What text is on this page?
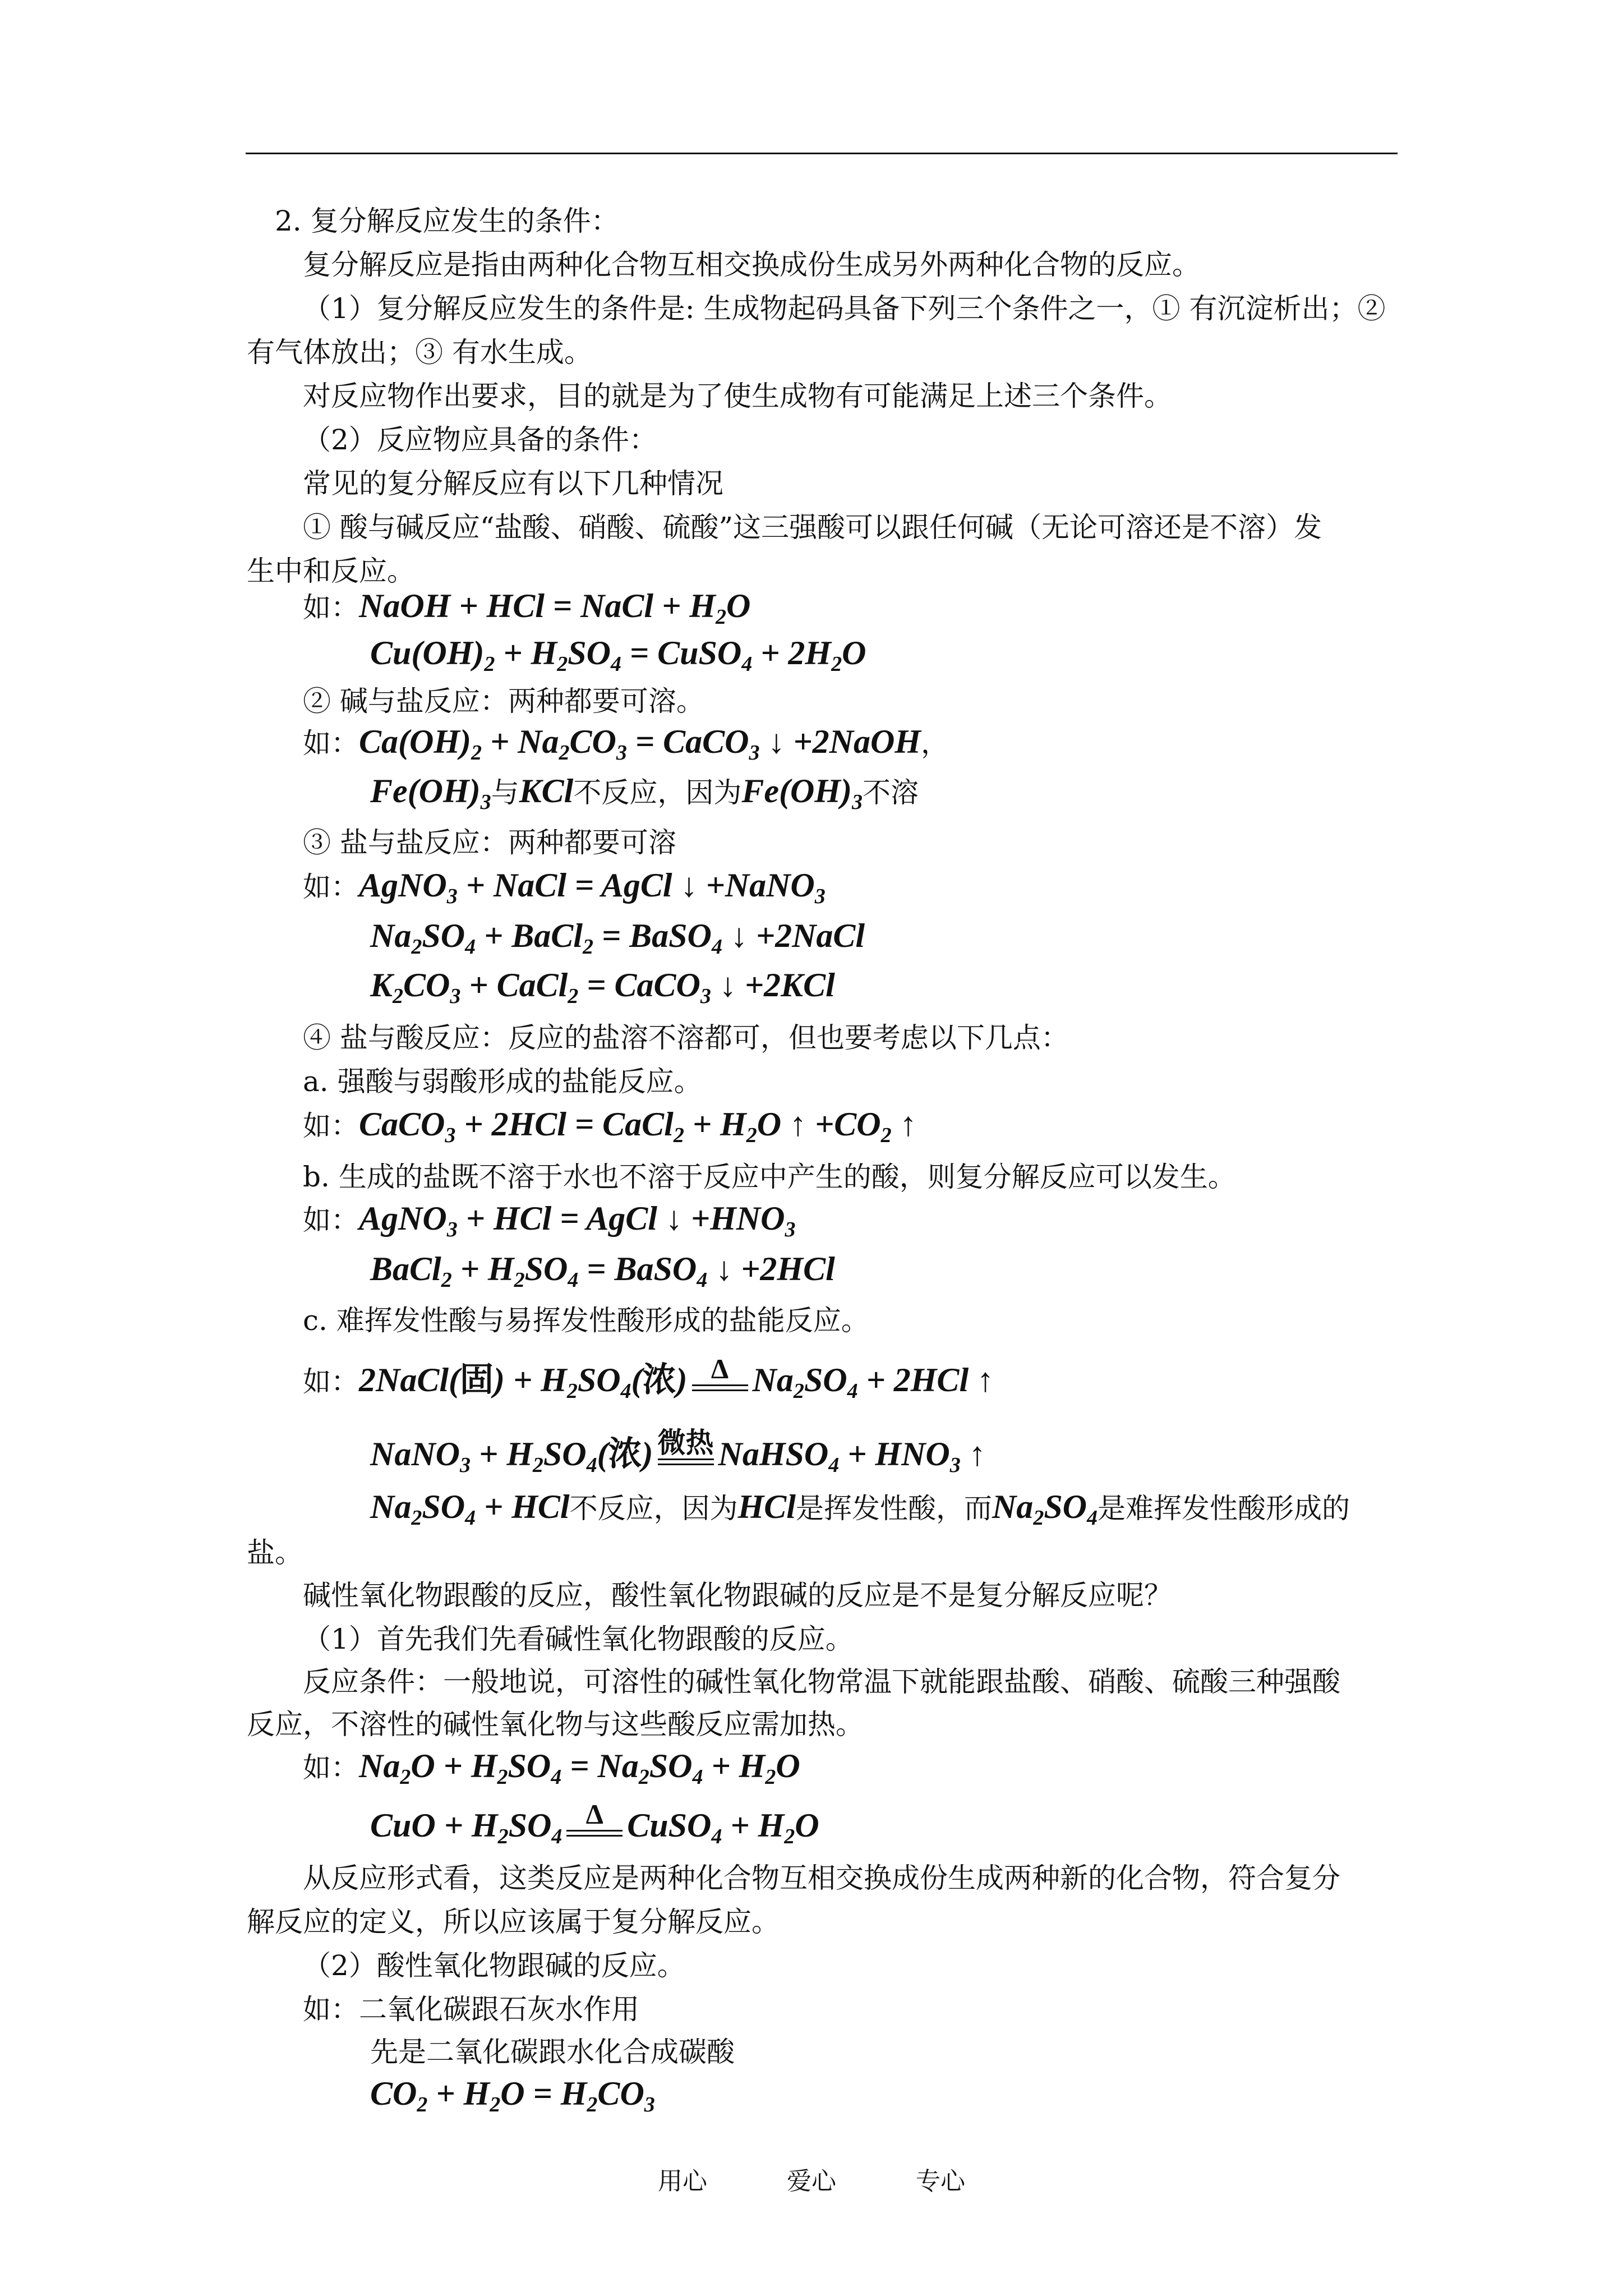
2. 复分解反应发生的条件：
复分解反应是指由两种化合物互相交换成份生成另外两种化合物的反应。
（1）复分解反应发生的条件是: 生成物起码具备下列三个条件之一，① 有沉淀析出；②
有气体放出；③ 有水生成。
对反应物作出要求，目的就是为了使生成物有可能满足上述三个条件。
（2）反应物应具备的条件：
常见的复分解反应有以下几种情况
① 酸与碱反应“盐酸、硝酸、硫酸”这三强酸可以跟任何碱（无论可溶还是不溶）发
生中和反应。
如：NaOH + HCl = NaCl + $H_2O$
$Cu(OH)_2 + H_2SO_4$ = CuSO$_4$ + $2H_2O$
② 碱与盐反应：两种都要可溶。
如：$Ca(OH)_2 + Na_2CO_3$ = CaCO$_3$ ↓ +2NaOH，
$Fe(OH)_3$与KCl不反应，因为$Fe(OH)_3$不溶
③ 盐与盐反应：两种都要可溶
如：AgNO$_3$ + NaCl = AgCl ↓ +NaNO$_3$
$Na_2SO_4$ + BaCl$_2$ = BaSO$_4$ ↓ +2NaCl
$K_2CO_3$ + CaCl$_2$ = CaCO$_3$ ↓ +2KCl
④ 盐与酸反应：反应的盐溶不溶都可，但也要考虑以下几点：
a. 强酸与弱酸形成的盐能反应。
如：CaCO$_3$ + 2HCl = CaCl$_2$ + $H_2O$ ↑ $+CO_2$ ↑
b. 生成的盐既不溶于水也不溶于反应中产生的酸，则复分解反应可以发生。
如：AgNO$_3$ + HCl = AgCl ↓ $+HNO_3$
BaCl$_2$ + $H_2SO_4$ = BaSO$_4$ ↓ +2HCl
c. 难挥发性酸与易挥发性酸形成的盐能反应。
如：2NaCl(固) + $H_2SO_4$(浓) Δ $Na_2SO_4 + 2HCl$ ↑
NaNO$_3$ + $H_2SO_4$(浓) 微热 NaHSO$_4$ + $HNO_3$ ↑
$Na_2SO_4$ + HCl不反应，因为HCl是挥发性酸，而$Na_2SO_4$是难挥发性酸形成的
盐。
碱性氧化物跟酸的反应，酸性氧化物跟碱的反应是不是复分解反应呢？
（1）首先我们先看碱性氧化物跟酸的反应。
反应条件：一般地说，可溶性的碱性氧化物常温下就能跟盐酸、硝酸、硫酸三种强酸
反应，不溶性的碱性氧化物与这些酸反应需加热。
如：$Na_2O + H_2SO_4 = Na_2SO_4 + H_2O$
CuO + $H_2SO_4$
Δ CuSO$_4$ + $H_2O$
从反应形式看，这类反应是两种化合物互相交换成份生成两种新的化合物，符合复分
解反应的定义，所以应该属于复分解反应。
（2）酸性氧化物跟碱的反应。
如：二氧化碳跟石灰水作用
先是二氧化碳跟水化合成碳酸
$CO_2 + H_2O = H_2CO_3$
用心	爱心	专心
